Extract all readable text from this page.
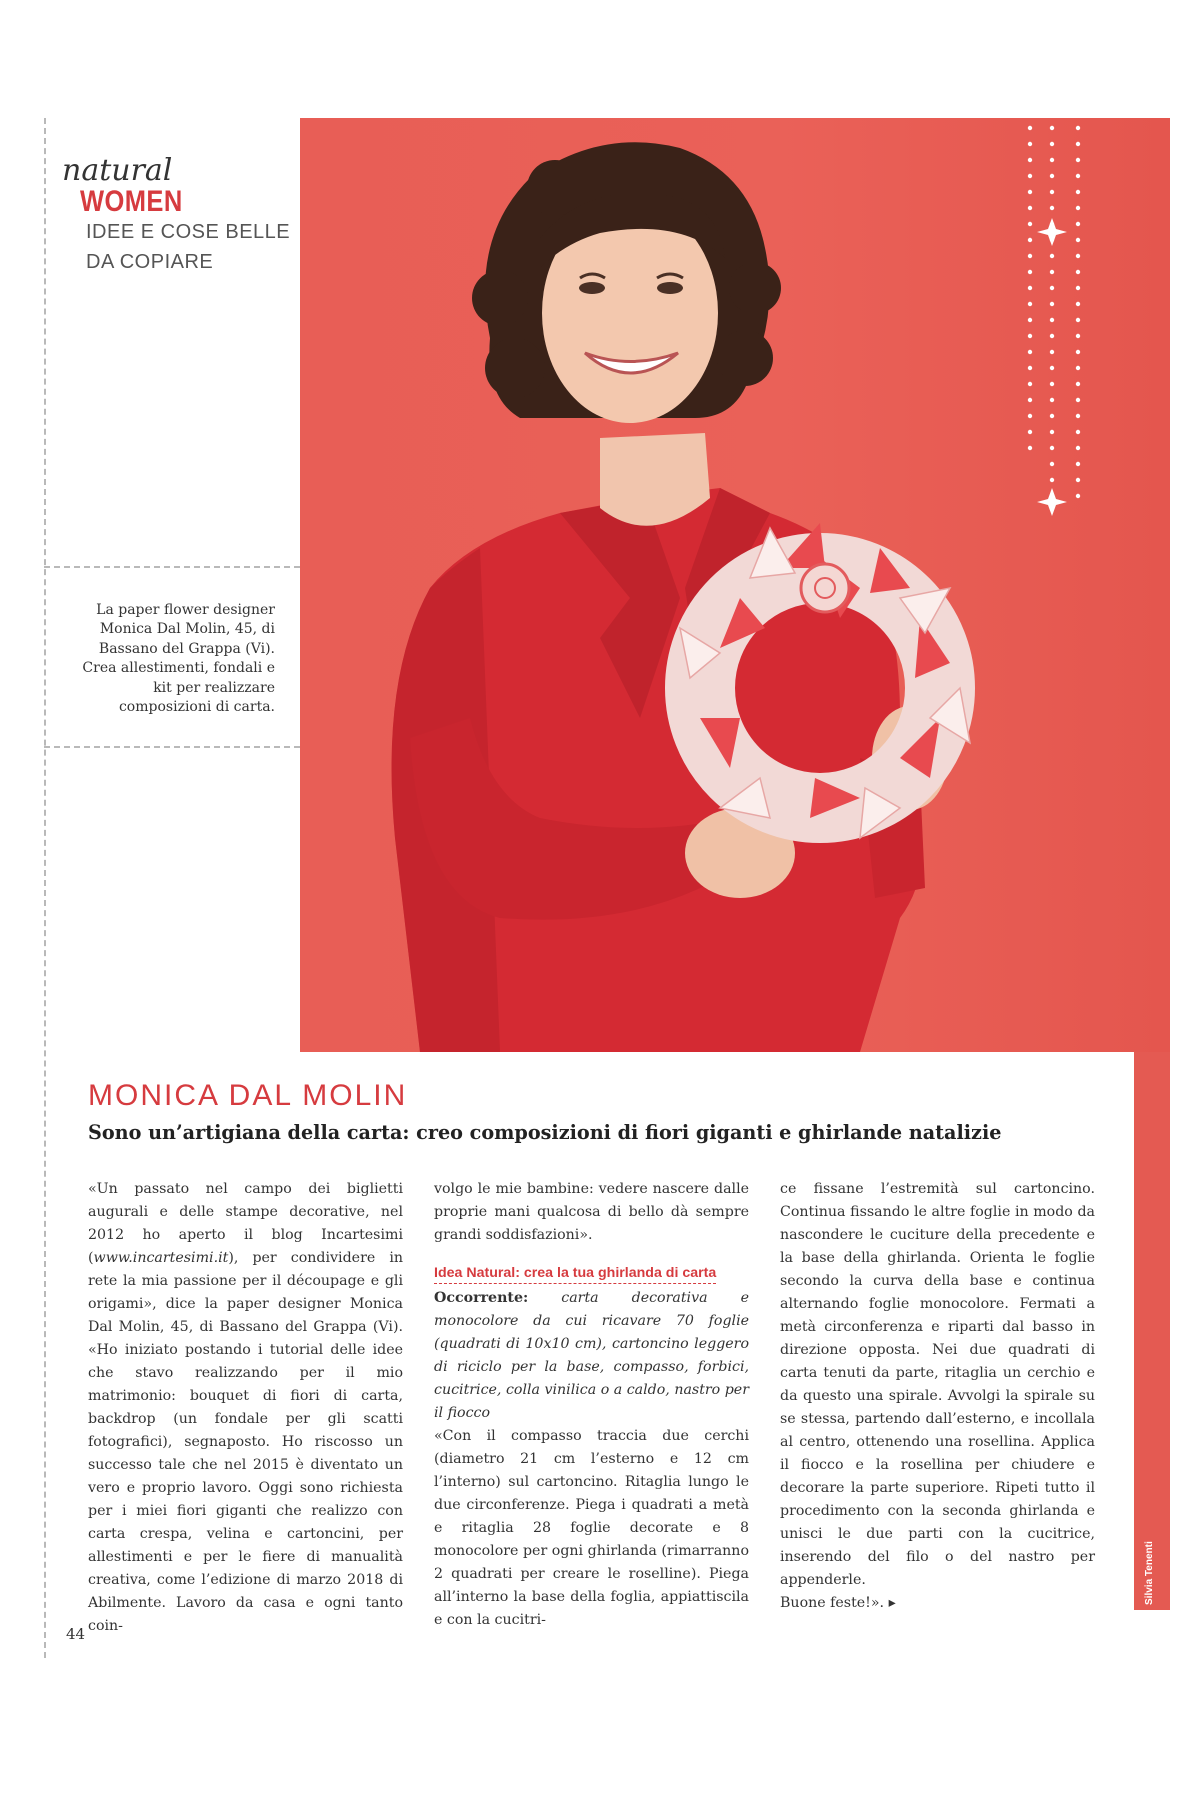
natural
WOMEN
IDEE E COSE BELLE
DA COPIARE
La paper flower designer
Monica Dal Molin, 45, di
Bassano del Grappa (Vi).
Crea allestimenti, fondali e
kit per realizzare
composizioni di carta.
Silvia Tenenti
MONICA DAL MOLIN
Sono un’artigiana della carta: creo composizioni di fiori giganti e ghirlande natalizie

«Un passato nel campo dei biglietti augurali e delle stampe decorative, nel 2012 ho aperto il blog Incartesimi (www.incartesimi.it), per condividere in rete la mia passione per il découpage e gli origami», dice la paper designer Monica Dal Molin, 45, di Bassano del Grappa (Vi). «Ho iniziato postando i tutorial delle idee che stavo realizzando per il mio matrimonio: bouquet di fiori di carta, backdrop (un fondale per gli scatti fotografici), segnaposto. Ho riscosso un successo tale che nel 2015 è diventato un vero e proprio lavoro. Oggi sono richiesta per i miei fiori giganti che realizzo con carta crespa, velina e cartoncini, per allestimenti e per le fiere di manualità creativa, come l’edizione di marzo 2018 di Abilmente. Lavoro da casa e ogni tanto coin-

volgo le mie bambine: vedere nascere dalle proprie mani qualcosa di bello dà sempre grandi soddisfazioni».

Idea Natural: crea la tua ghirlanda di carta

Occorrente: carta decorativa e monocolore da cui ricavare 70 foglie (quadrati di 10x10 cm), cartoncino leggero di riciclo per la base, compasso, forbici, cucitrice, colla vinilica o a caldo, nastro per il fiocco

«Con il compasso traccia due cerchi (diametro 21 cm l’esterno e 12 cm l’interno) sul cartoncino. Ritaglia lungo le due circonferenze. Piega i quadrati a metà e ritaglia 28 foglie decorate e 8 monocolore per ogni ghirlanda (rimarranno 2 quadrati per creare le roselline). Piega all’interno la base della foglia, appiattiscila e con la cucitri-

ce fissane l’estremità sul cartoncino. Continua fissando le altre foglie in modo da nascondere le cuciture della precedente e la base della ghirlanda. Orienta le foglie secondo la curva della base e continua alternando foglie monocolore. Fermati a metà circonferenza e riparti dal basso in direzione opposta. Nei due quadrati di carta tenuti da parte, ritaglia un cerchio e da questo una spirale. Avvolgi la spirale su se stessa, partendo dall’esterno, e incollala al centro, ottenendo una rosellina. Applica il fiocco e la rosellina per chiudere e decorare la parte superiore. Ripeti tutto il procedimento con la seconda ghirlanda e unisci le due parti con la cucitrice, inserendo del filo o del nastro per appenderle.

Buone feste!». ▸

44
